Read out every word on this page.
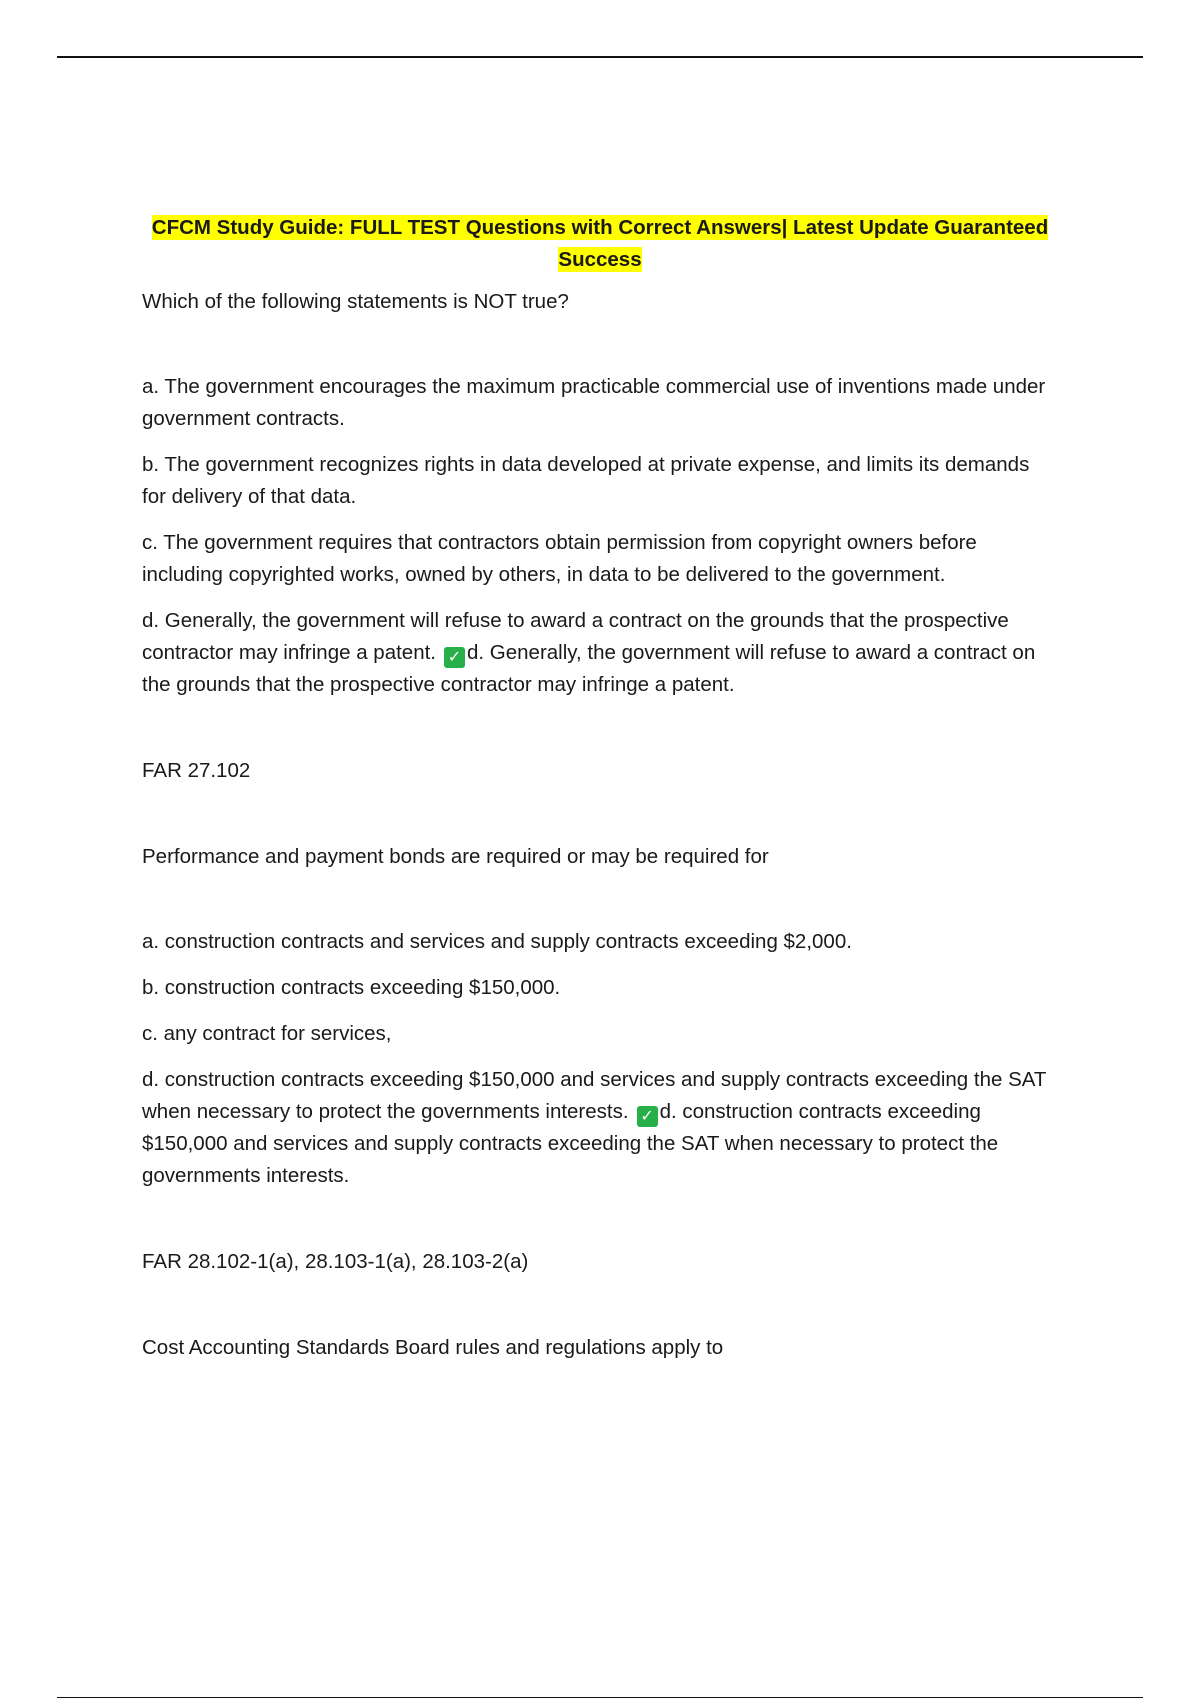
CFCM Study Guide: FULL TEST Questions with Correct Answers| Latest Update Guaranteed Success

Which of the following statements is NOT true?

a. The government encourages the maximum practicable commercial use of inventions made under government contracts.

b. The government recognizes rights in data developed at private expense, and limits its demands for delivery of that data.

c. The government requires that contractors obtain permission from copyright owners before including copyrighted works, owned by others, in data to be delivered to the government.

d. Generally, the government will refuse to award a contract on the grounds that the prospective contractor may infringe a patent. ✓ d. Generally, the government will refuse to award a contract on the grounds that the prospective contractor may infringe a patent.

FAR 27.102

Performance and payment bonds are required or may be required for

a. construction contracts and services and supply contracts exceeding $2,000.

b. construction contracts exceeding $150,000.

c. any contract for services,

d. construction contracts exceeding $150,000 and services and supply contracts exceeding the SAT when necessary to protect the governments interests. ✓ d. construction contracts exceeding $150,000 and services and supply contracts exceeding the SAT when necessary to protect the governments interests.

FAR 28.102-1(a), 28.103-1(a), 28.103-2(a)

Cost Accounting Standards Board rules and regulations apply to
